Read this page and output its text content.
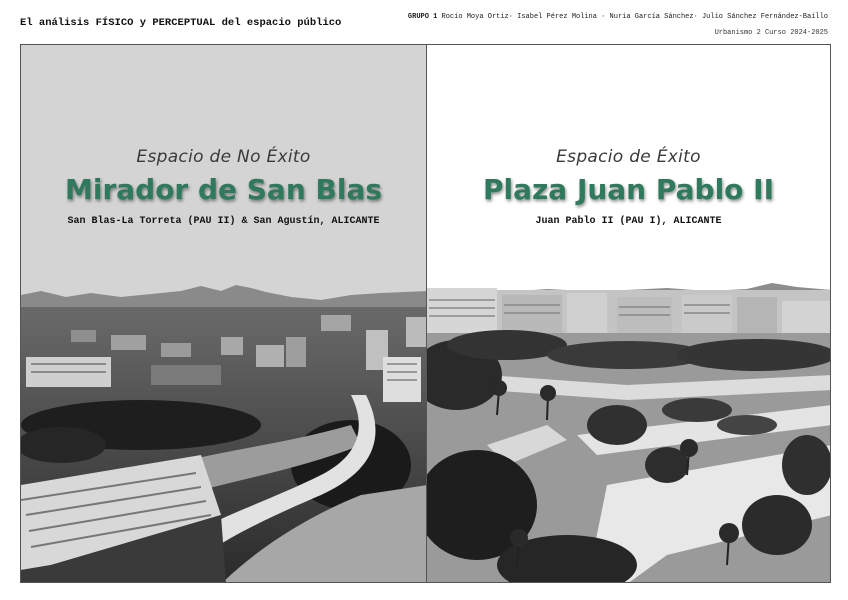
El análisis FÍSICO y PERCEPTUAL del espacio público	GRUPO 1 Rocío Moya Ortiz· Isabel Pérez Molina · Nuria García Sánchez· Julio Sánchez Fernández-Baíllo
Urbanismo 2 Curso 2024-2025
Espacio de No Éxito
Mirador de San Blas
San Blas-La Torreta (PAU II) & San Agustín, ALICANTE
Espacio de Éxito
Plaza Juan Pablo II
Juan Pablo II (PAU I), ALICANTE
